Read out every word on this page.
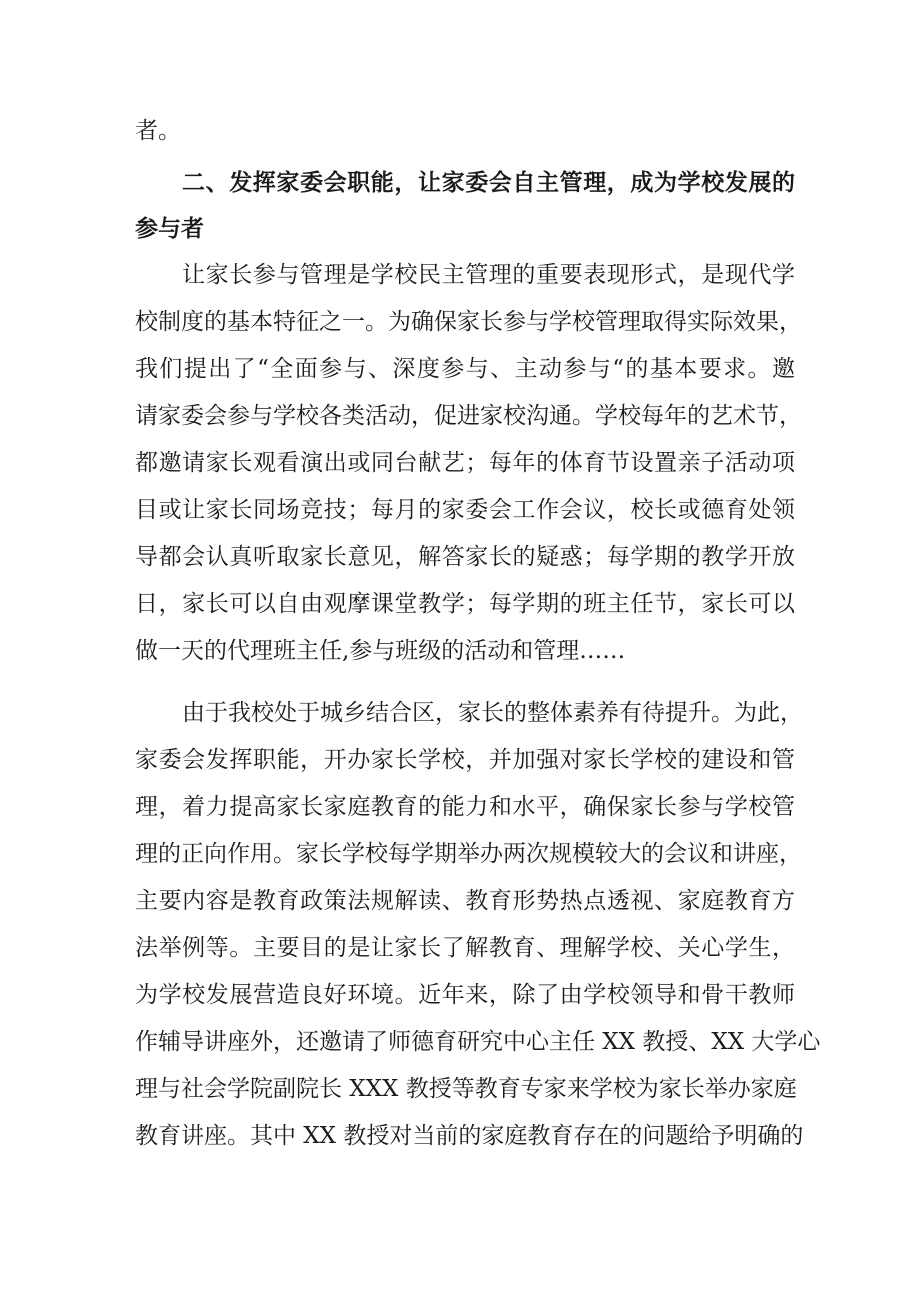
者。
二、发挥家委会职能，让家委会自主管理，成为学校发展的
参与者
让家长参与管理是学校民主管理的重要表现形式，是现代学
校制度的基本特征之一。为确保家长参与学校管理取得实际效果，
我们提出了“全面参与、深度参与、主动参与“的基本要求。邀
请家委会参与学校各类活动，促进家校沟通。学校每年的艺术节，
都邀请家长观看演出或同台献艺；每年的体育节设置亲子活动项
目或让家长同场竞技；每月的家委会工作会议，校长或德育处领
导都会认真听取家长意见，解答家长的疑惑；每学期的教学开放
日，家长可以自由观摩课堂教学；每学期的班主任节，家长可以
做一天的代理班主任,参与班级的活动和管理……
由于我校处于城乡结合区，家长的整体素养有待提升。为此，
家委会发挥职能，开办家长学校，并加强对家长学校的建设和管
理，着力提高家长家庭教育的能力和水平，确保家长参与学校管
理的正向作用。家长学校每学期举办两次规模较大的会议和讲座，
主要内容是教育政策法规解读、教育形势热点透视、家庭教育方
法举例等。主要目的是让家长了解教育、理解学校、关心学生，
为学校发展营造良好环境。近年来，除了由学校领导和骨干教师
作辅导讲座外，还邀请了师德育研究中心主任 XX 教授、XX 大学心
理与社会学院副院长 XXX 教授等教育专家来学校为家长举办家庭
教育讲座。其中 XX 教授对当前的家庭教育存在的问题给予明确的
